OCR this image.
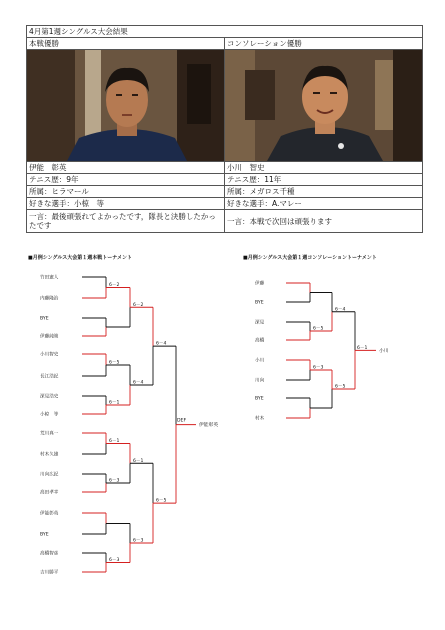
4月第1週シングルス大会結果	
本戦優勝	コンソレーション優勝

伊能　彰英	小川　智史
テニス歴：9年	テニス歴：11年
所属：ヒラマール	所属：メガロス千種
好きな選手：小椋　等	好きな選手：A.マレー
一言：最後頑張れてよかったです，隊長と決勝したかったです	一言：本戦で次回は頑張ります
■月例シングルス大会第１週本戦トーナメント	■月例シングルス大会第１週コンソレーショントーナメント
竹田憲人
内藤隆治
BYE
伊藤純策
小川智史
長江浩紀
深見浩史
小椋　等
荒川真一
村木久雄
川向広紀
高田孝幸
伊能彰英
BYE
高橋智彦
吉川勝平
6－2
6－5
6－1
6－1
6－3
6－3
6－2
6－4
6－1
6－3
6－4
6－5
DEF
伊能彰英
伊藤
BYE
深見
高橋
小川
川向
BYE
村木
6－5
6－3
6－4
6－5
6－1
小川
